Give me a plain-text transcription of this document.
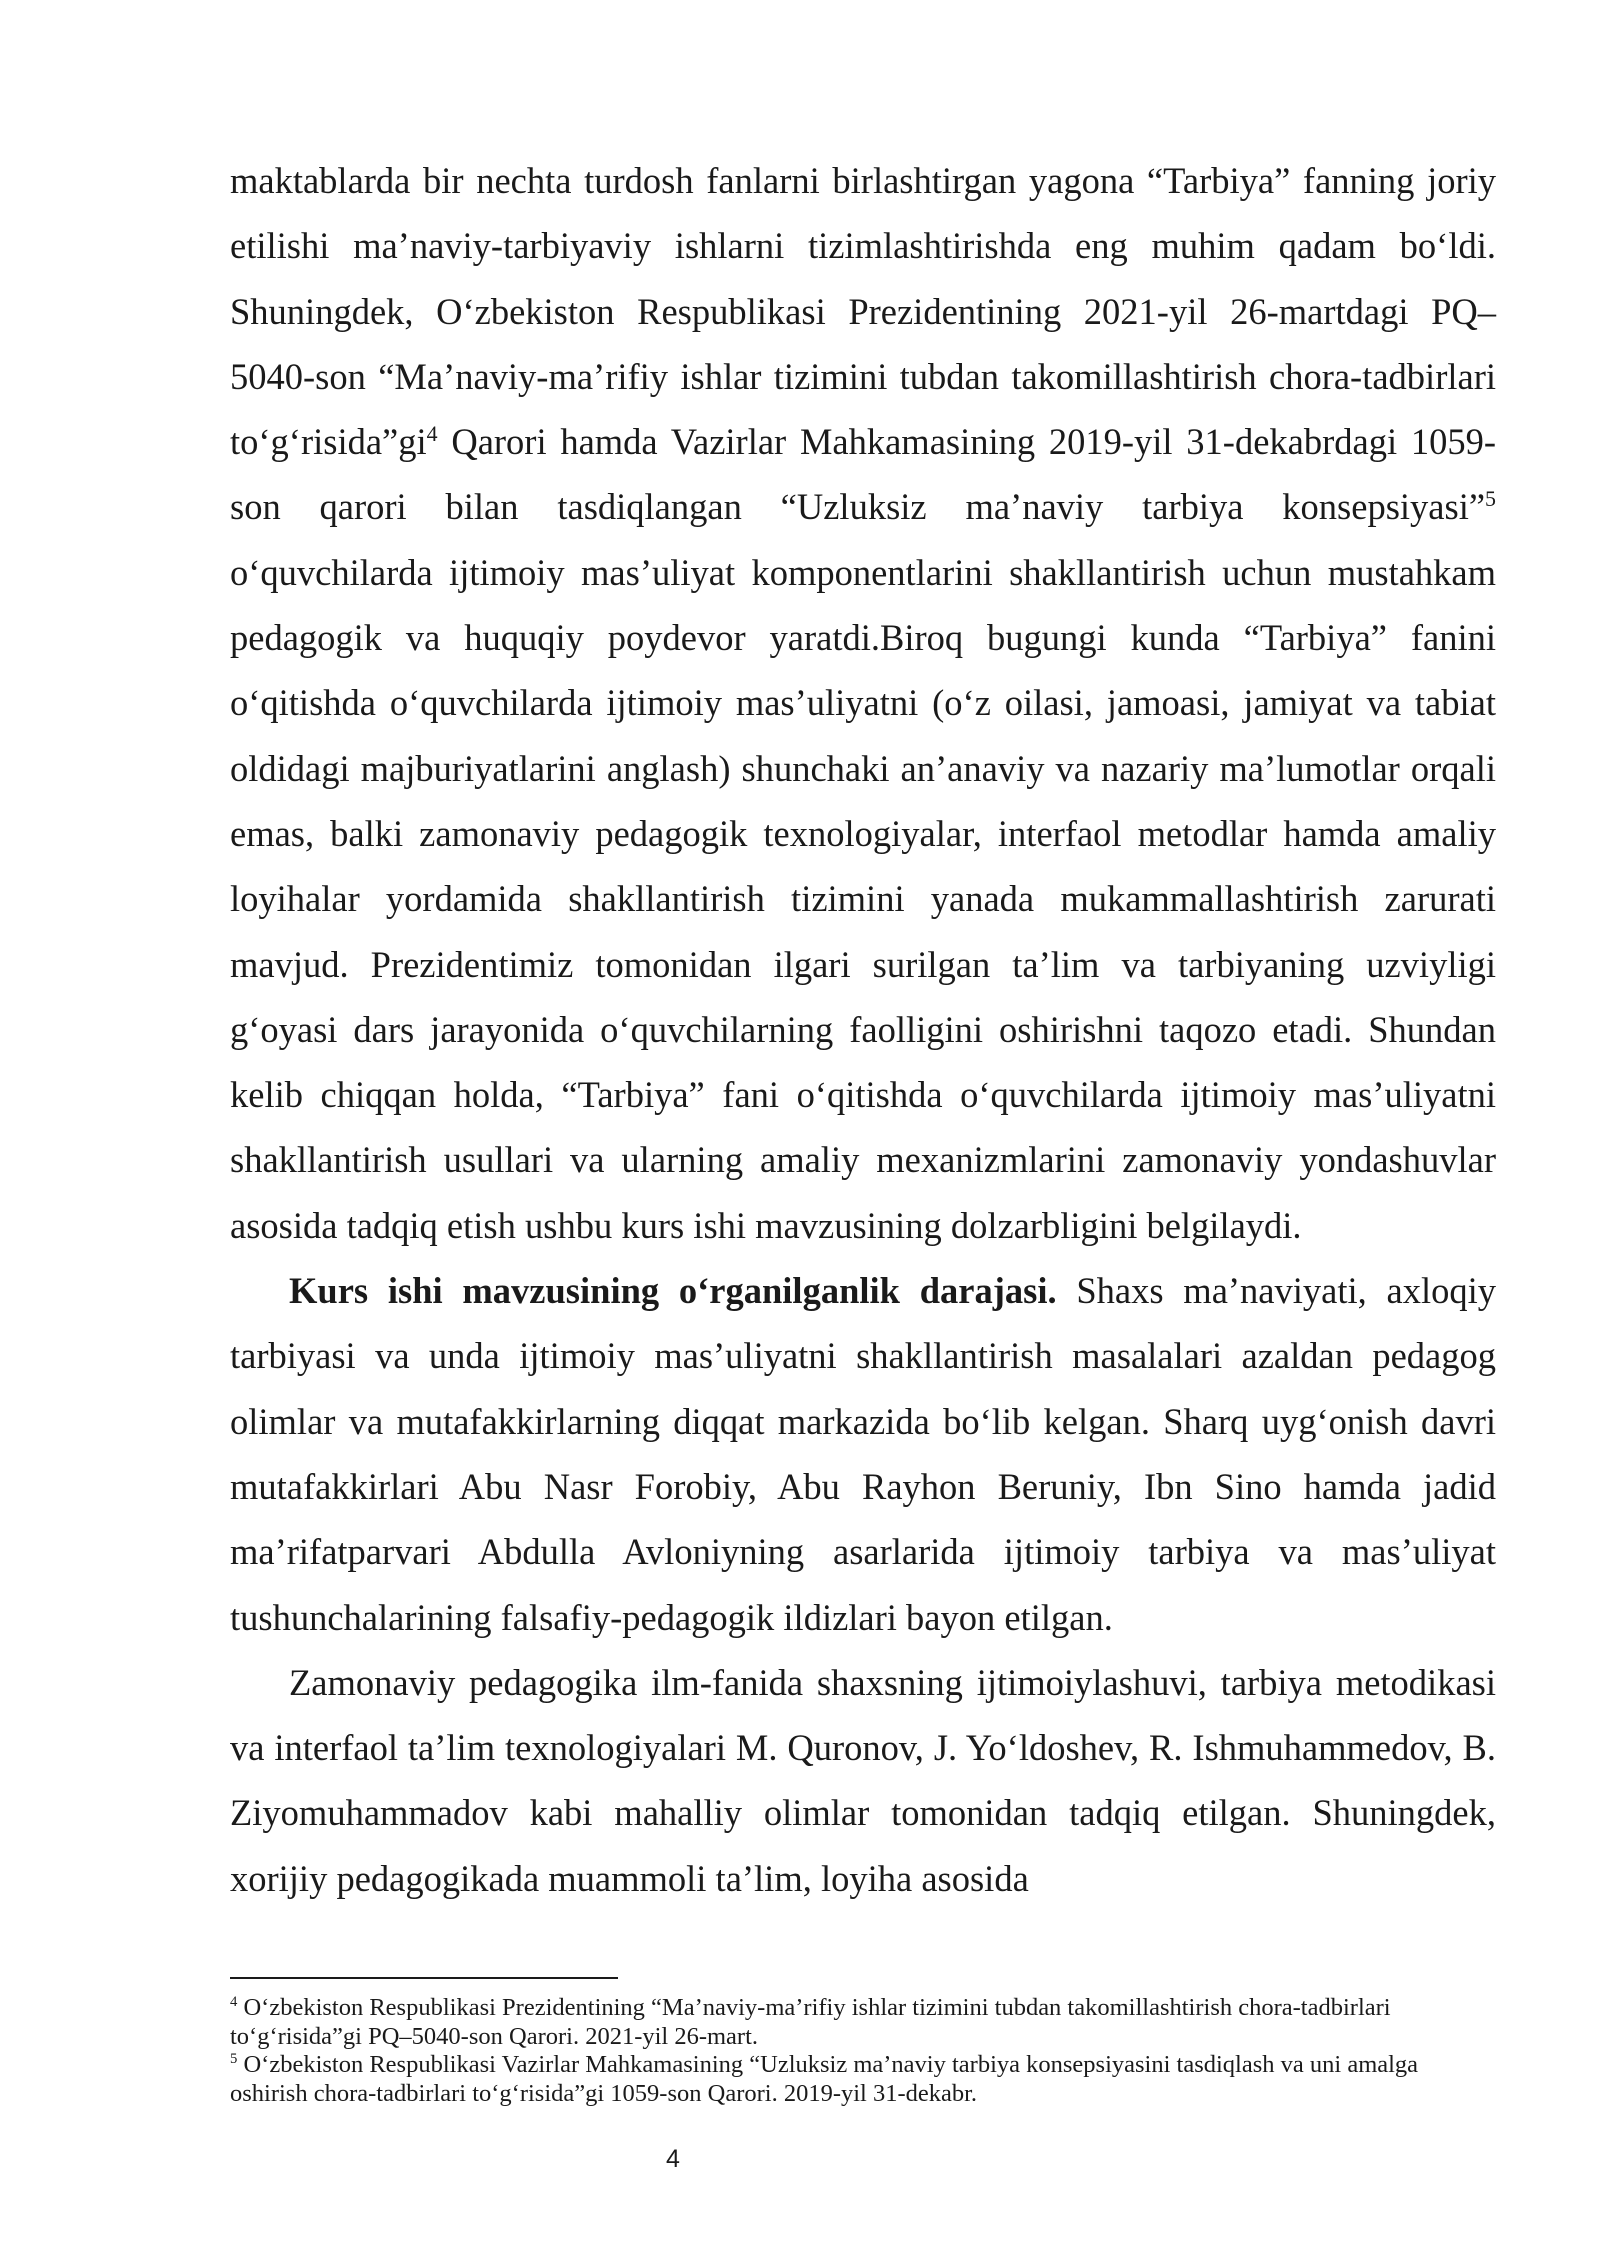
maktablarda bir nechta turdosh fanlarni birlashtirgan yagona “Tarbiya” fanning joriy etilishi ma’naviy-tarbiyaviy ishlarni tizimlashtirishda eng muhim qadam bo‘ldi. Shuningdek, O‘zbekiston Respublikasi Prezidentining 2021-yil 26-martdagi PQ–5040-son “Ma’naviy-ma’rifiy ishlar tizimini tubdan takomillashtirish chora-tadbirlari $to‘g‘risida”gi^4$ Qarori hamda Vazirlar Mahkamasining 2019-yil 31-dekabrdagi 1059-son qarori bilan tasdiqlangan “Uzluksiz ma’naviy tarbiya konsepsiyasi”$^5$ o‘quvchilarda ijtimoiy mas’uliyat komponentlarini shakllantirish uchun mustahkam pedagogik va huquqiy poydevor yaratdi.Biroq bugungi kunda “Tarbiya” fanini o‘qitishda o‘quvchilarda ijtimoiy mas’uliyatni (o‘z oilasi, jamoasi, jamiyat va tabiat oldidagi majburiyatlarini anglash) shunchaki an’anaviy va nazariy ma’lumotlar orqali emas, balki zamonaviy pedagogik texnologiyalar, interfaol metodlar hamda amaliy loyihalar yordamida shakllantirish tizimini yanada mukammallashtirish zarurati mavjud. Prezidentimiz tomonidan ilgari surilgan ta’lim va tarbiyaning uzviyligi g‘oyasi dars jarayonida o‘quvchilarning faolligini oshirishni taqozo etadi. Shundan kelib chiqqan holda, “Tarbiya” fani o‘qitishda o‘quvchilarda ijtimoiy mas’uliyatni shakllantirish usullari va ularning amaliy mexanizmlarini zamonaviy yondashuvlar asosida tadqiq etish ushbu kurs ishi mavzusining dolzarbligini belgilaydi.

Kurs ishi mavzusining o‘rganilganlik darajasi. Shaxs ma’naviyati, axloqiy tarbiyasi va unda ijtimoiy mas’uliyatni shakllantirish masalalari azaldan pedagog olimlar va mutafakkirlarning diqqat markazida bo‘lib kelgan. Sharq uyg‘onish davri mutafakkirlari Abu Nasr Forobiy, Abu Rayhon Beruniy, Ibn Sino hamda jadid ma’rifatparvari Abdulla Avloniyning asarlarida ijtimoiy tarbiya va mas’uliyat tushunchalarining falsafiy-pedagogik ildizlari bayon etilgan.

Zamonaviy pedagogika ilm-fanida shaxsning ijtimoiylashuvi, tarbiya metodikasi va interfaol ta’lim texnologiyalari M. Quronov, J. Yo‘ldoshev, R. Ishmuhammedov, B. Ziyomuhammadov kabi mahalliy olimlar tomonidan tadqiq etilgan. Shuningdek, xorijiy pedagogikada muammoli ta’lim, loyiha asosida

$^4$ O‘zbekiston Respublikasi Prezidentining “Ma’naviy-ma’rifiy ishlar tizimini tubdan takomillashtirish chora-tadbirlari to‘g‘risida”gi PQ–5040-son Qarori. 2021-yil 26-mart.

$^5$ O‘zbekiston Respublikasi Vazirlar Mahkamasining “Uzluksiz ma’naviy tarbiya konsepsiyasini tasdiqlash va uni amalga oshirish chora-tadbirlari to‘g‘risida”gi 1059-son Qarori. 2019-yil 31-dekabr.

4
